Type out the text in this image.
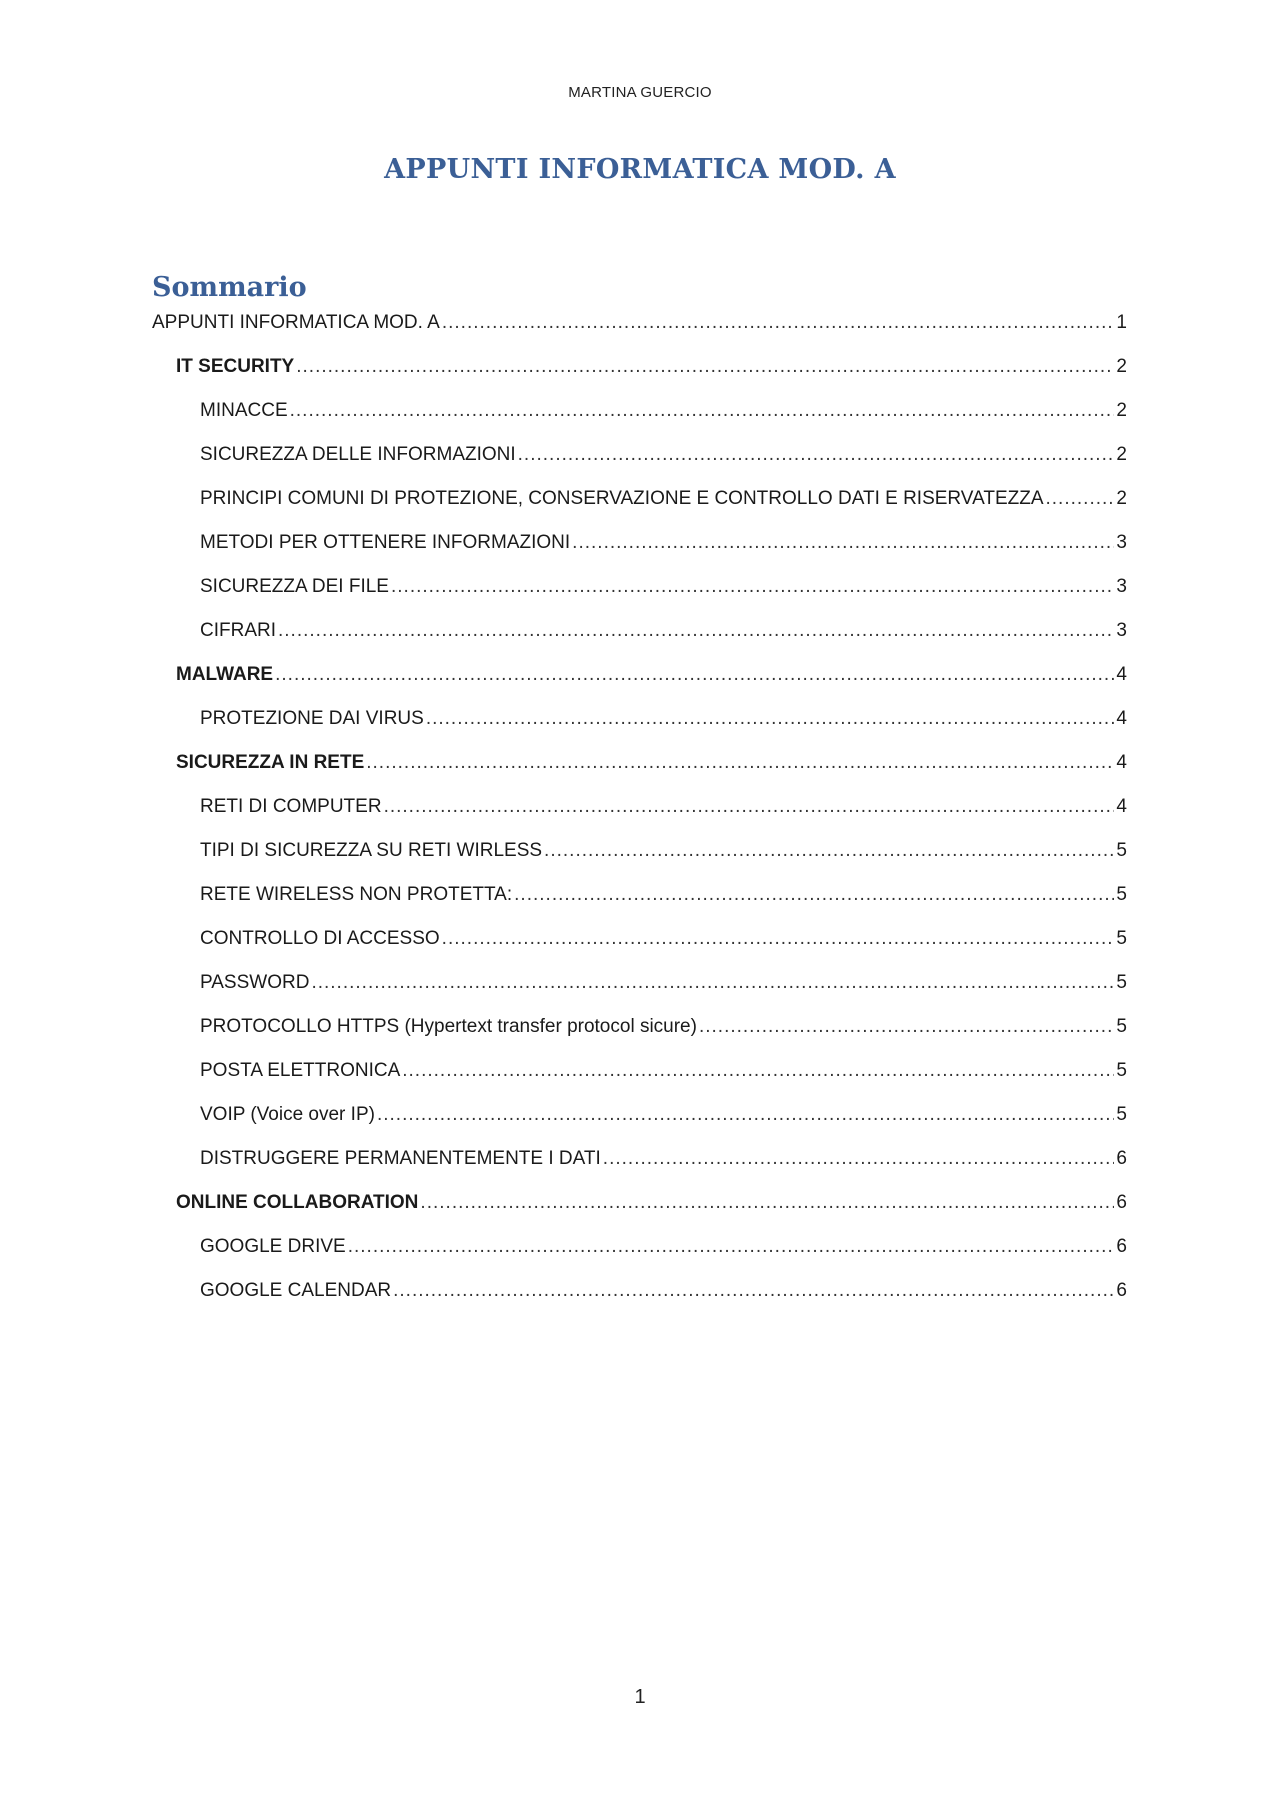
MARTINA GUERCIO
APPUNTI INFORMATICA MOD. A
Sommario
APPUNTI INFORMATICA MOD. A .....	1
IT SECURITY .....	2
MINACCE .....	2
SICUREZZA DELLE INFORMAZIONI .....	2
PRINCIPI COMUNI DI PROTEZIONE, CONSERVAZIONE E CONTROLLO DATI E RISERVATEZZA .....	2
METODI PER OTTENERE INFORMAZIONI .....	3
SICUREZZA DEI FILE .....	3
CIFRARI .....	3
MALWARE .....	4
PROTEZIONE DAI VIRUS .....	4
SICUREZZA IN RETE .....	4
RETI DI COMPUTER .....	4
TIPI DI SICUREZZA SU RETI WIRLESS .....	5
RETE WIRELESS NON PROTETTA: .....	5
CONTROLLO DI ACCESSO .....	5
PASSWORD .....	5
PROTOCOLLO HTTPS (Hypertext transfer protocol sicure) .....	5
POSTA ELETTRONICA .....	5
VOIP (Voice over IP) .....	5
DISTRUGGERE PERMANENTEMENTE I DATI .....	6
ONLINE COLLABORATION .....	6
GOOGLE DRIVE .....	6
GOOGLE CALENDAR .....	6
1
